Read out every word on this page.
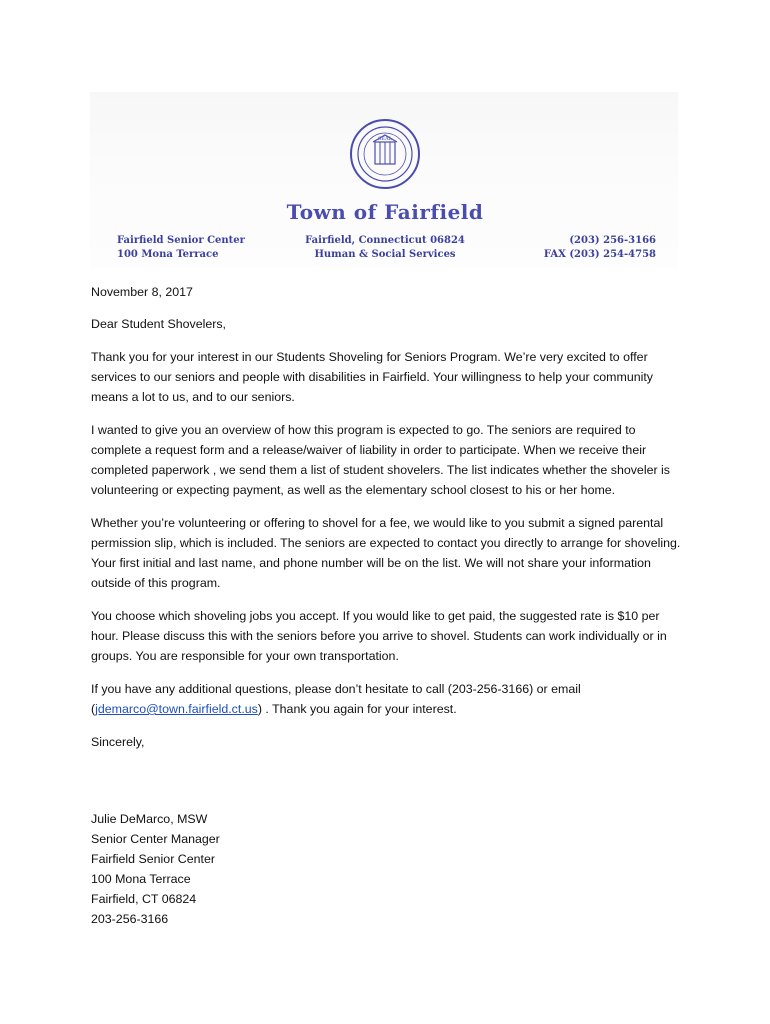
SEAL
Town of Fairfield
Fairfield Senior Center
100 Mona Terrace
Fairfield, Connecticut 06824
Human & Social Services
(203) 256-3166
FAX (203) 254-4758

November 8, 2017

Dear Student Shovelers,

Thank you for your interest in our Students Shoveling for Seniors Program. We’re very excited to offer services to our seniors and people with disabilities in Fairfield. Your willingness to help your community means a lot to us, and to our seniors.

I wanted to give you an overview of how this program is expected to go. The seniors are required to complete a request form and a release/waiver of liability in order to participate. When we receive their completed paperwork , we send them a list of student shovelers. The list indicates whether the shoveler is volunteering or expecting payment, as well as the elementary school closest to his or her home.

Whether you’re volunteering or offering to shovel for a fee, we would like to you submit a signed parental permission slip, which is included. The seniors are expected to contact you directly to arrange for shoveling. Your first initial and last name, and phone number will be on the list. We will not share your information outside of this program.

You choose which shoveling jobs you accept. If you would like to get paid, the suggested rate is $10 per hour. Please discuss this with the seniors before you arrive to shovel. Students can work individually or in groups. You are responsible for your own transportation.

If you have any additional questions, please don’t hesitate to call (203-256-3166) or email (jdemarco@town.fairfield.ct.us) . Thank you again for your interest.

Sincerely,

Julie DeMarco, MSW
Senior Center Manager
Fairfield Senior Center
100 Mona Terrace
Fairfield, CT 06824
203-256-3166
